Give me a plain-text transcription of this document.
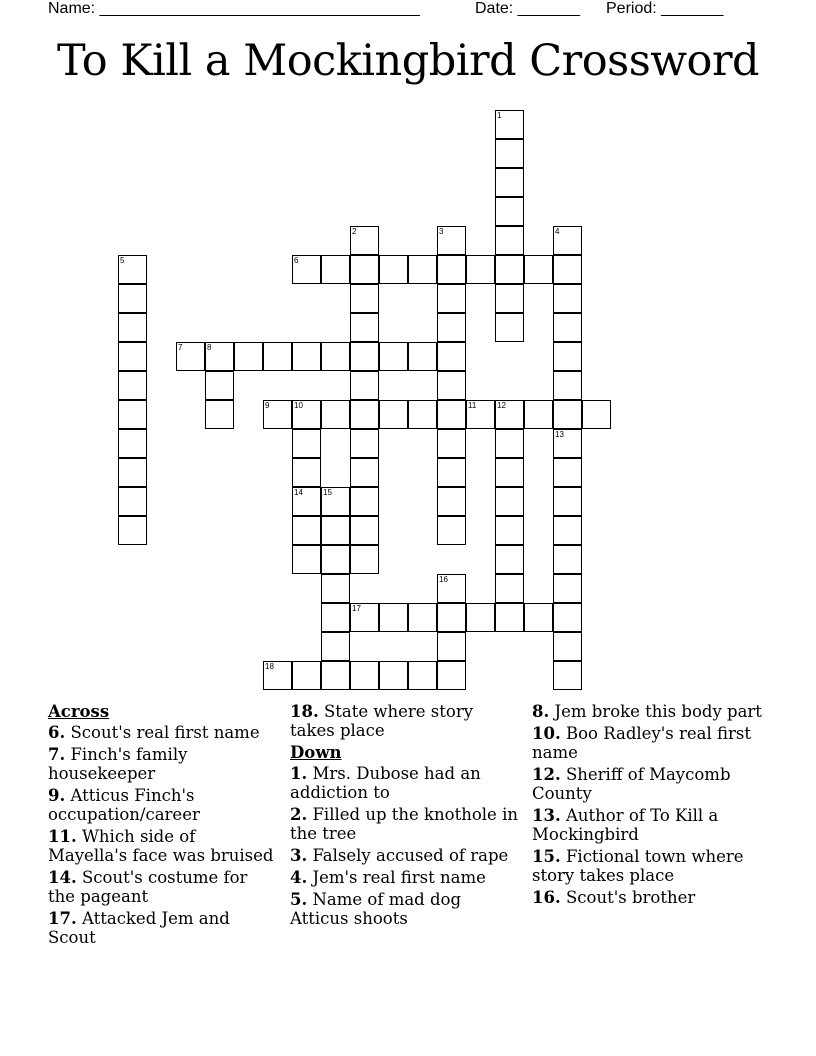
Name: ____________________________________	Date: _______ Period: _______
To Kill a Mockingbird Crossword
1
2	3	4
5	6
7	8
9	10
14
11	12
13
15
16
17
18
Across
6. Scout's real first name
7. Finch's family housekeeper
9. Atticus Finch's occupation/career
11. Which side of Mayella's face was bruised
14. Scout's costume for the pageant
17. Attacked Jem and Scout
18. State where story takes place
Down
1. Mrs. Dubose had an addiction to
2. Filled up the knothole in the tree
3. Falsely accused of rape
4. Jem's real first name
5. Name of mad dog Atticus shoots
8. Jem broke this body part
10. Boo Radley's real first name
12. Sheriff of Maycomb County
13. Author of To Kill a Mockingbird
15. Fictional town where story takes place
16. Scout's brother
